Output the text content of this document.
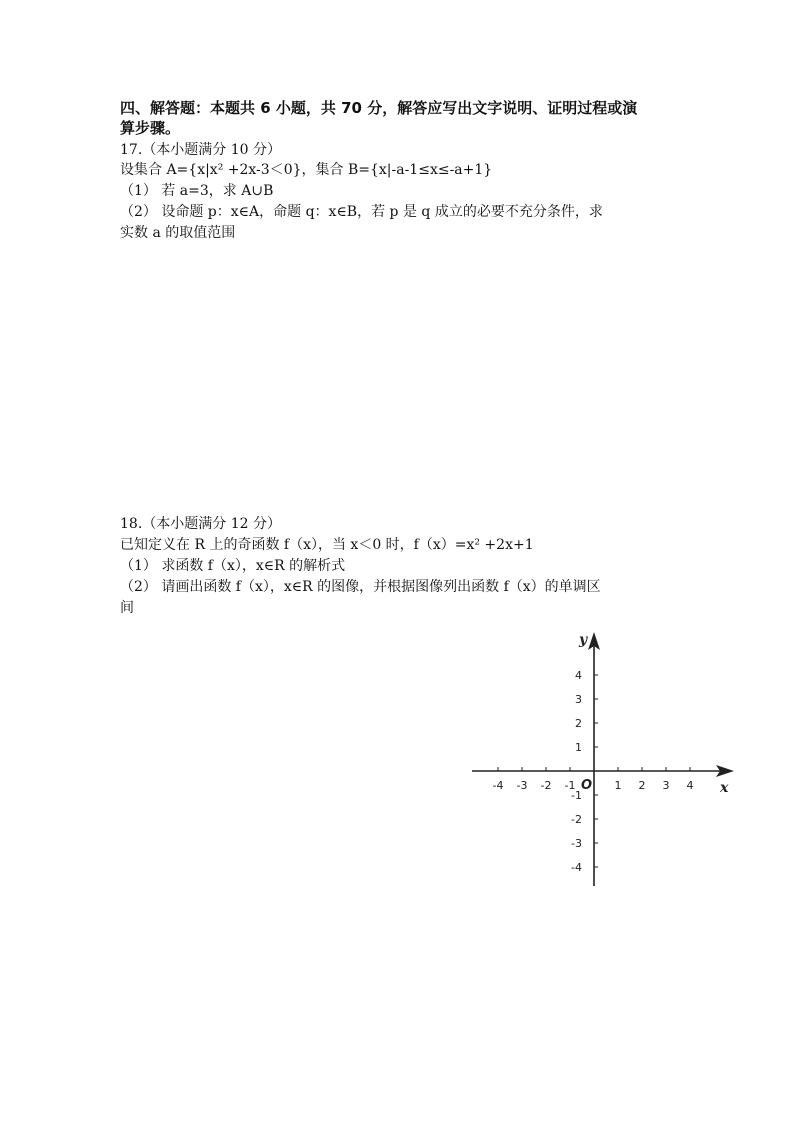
四、解答题：本题共 6 小题，共 70 分，解答应写出文字说明、证明过程或演
算步骤。
17.（本小题满分 10 分）
设集合 A={x|x² +2x-3＜0}，集合 B={x|-a-1≤x≤-a+1}
（1） 若 a=3，求 A∪B
（2） 设命题 p：x∈A，命题 q：x∈B，若 p 是 q 成立的必要不充分条件，求
实数 a 的取值范围
18.（本小题满分 12 分）
已知定义在 R 上的奇函数 f（x），当 x＜0 时，f（x）=x² +2x+1
（1） 求函数 f（x），x∈R 的解析式
（2） 请画出函数 f（x），x∈R 的图像，并根据图像列出函数 f（x）的单调区
间
x
y
O
-4 -3 -2 -1	1 2 3 4
4
3
2
1
-1
-2
-3
-4
